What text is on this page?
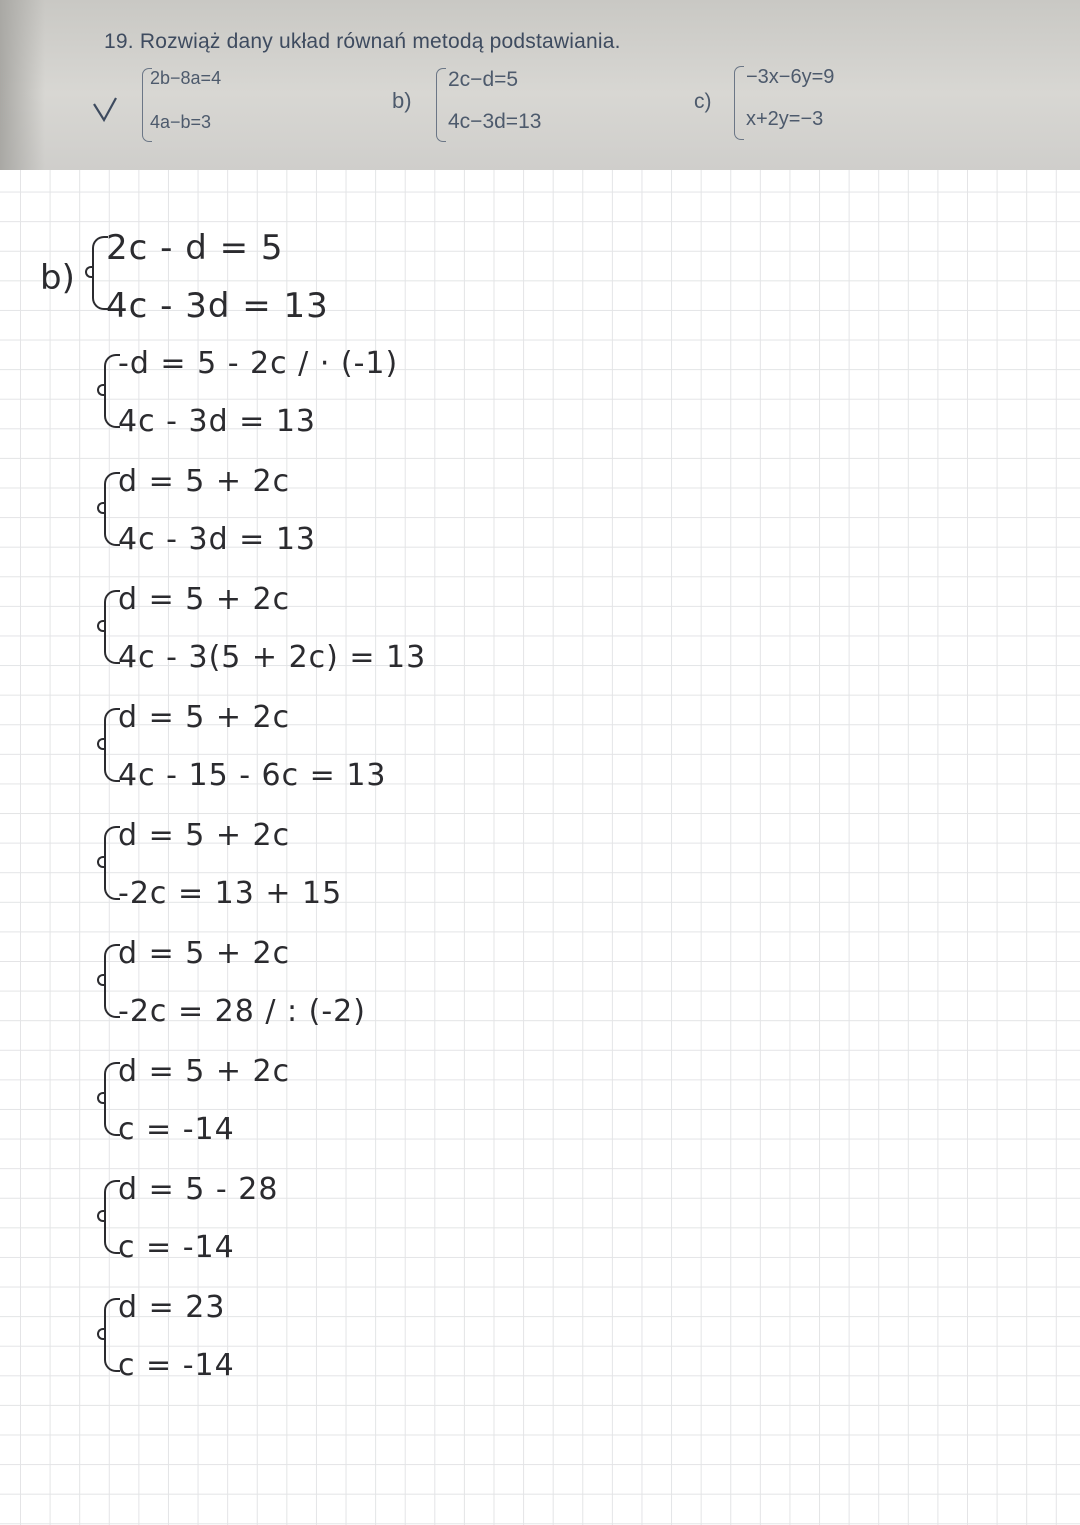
19. Rozwiąż dany układ równań metodą podstawiania.
2b−8a=4
4a−b=3
b)
2c−d=5
4c−3d=13
c)
−3x−6y=9
x+2y=−3
b)
2c - d = 5
4c - 3d = 13
-d = 5 - 2c / · (-1)
4c - 3d = 13
d = 5 + 2c
4c - 3d = 13
d = 5 + 2c
4c - 3(5 + 2c) = 13
d = 5 + 2c
4c - 15 - 6c = 13
d = 5 + 2c
-2c = 13 + 15
d = 5 + 2c
-2c = 28 / : (-2)
d = 5 + 2c
c = -14
d = 5 - 28
c = -14
d = 23
c = -14
